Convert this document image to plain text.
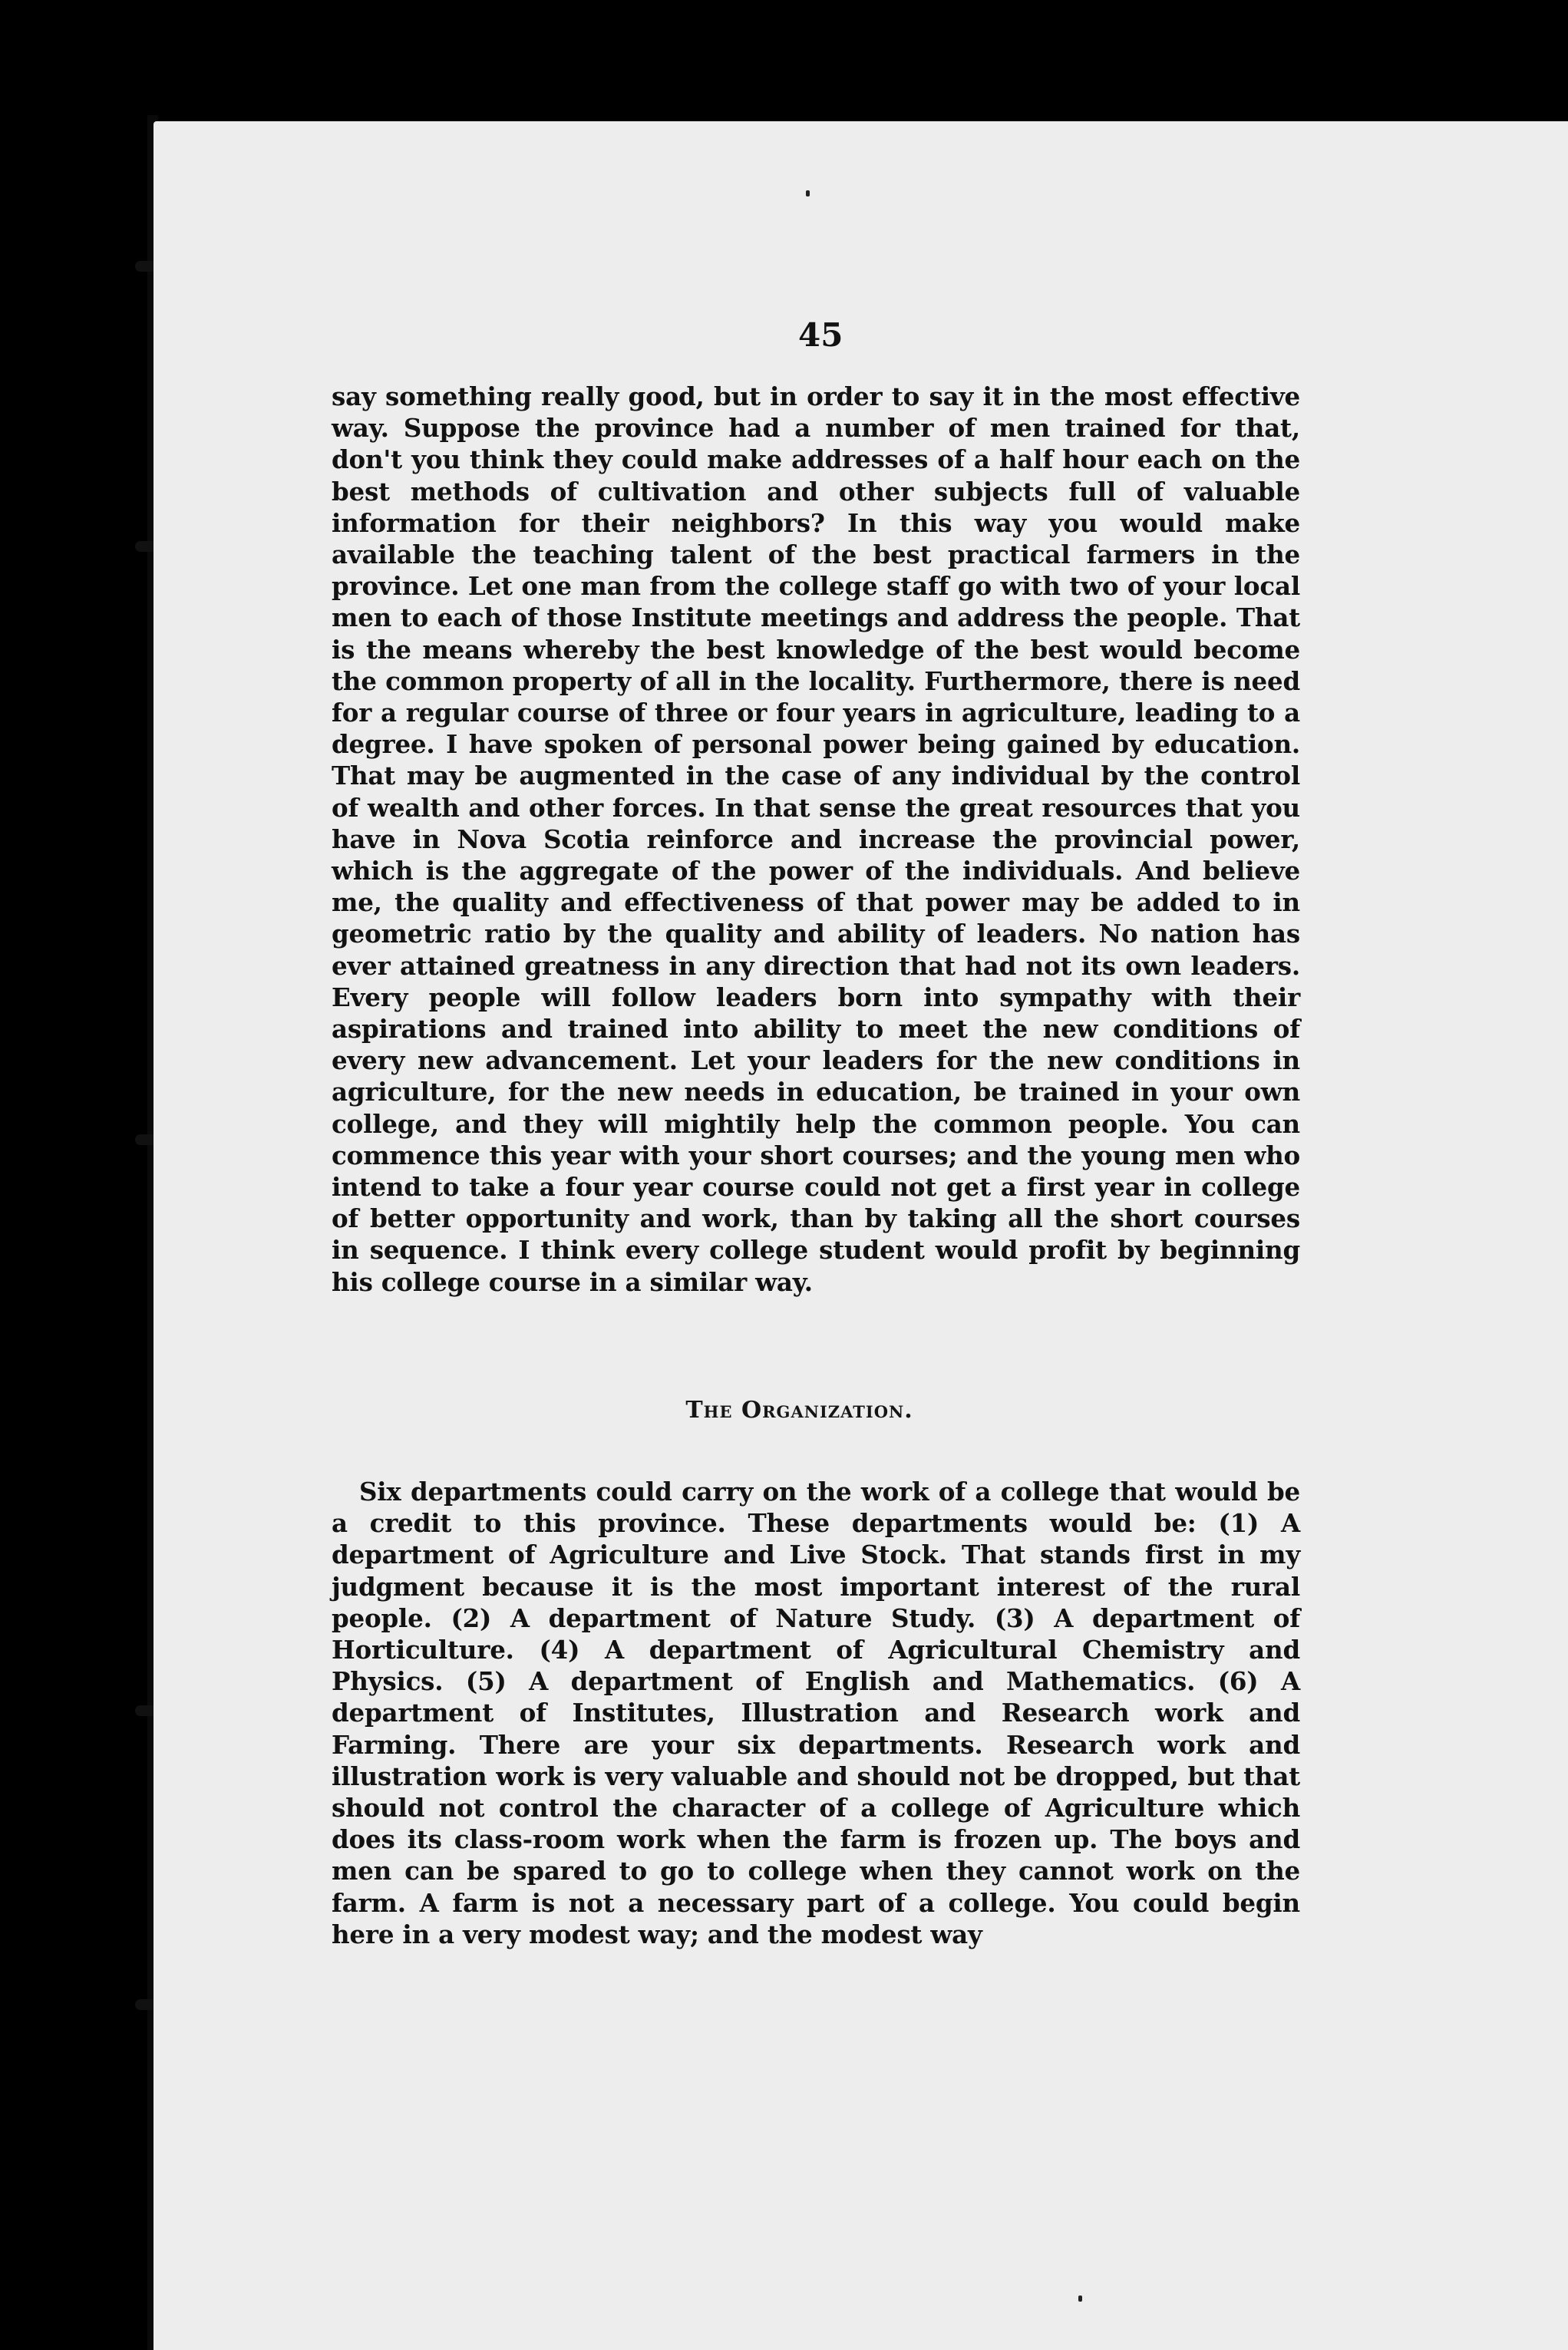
45

say something really good, but in order to say it in the most effective way. Suppose the province had a number of men trained for that, don't you think they could make addresses of a half hour each on the best methods of cultivation and other subjects full of valuable information for their neighbors? In this way you would make available the teaching talent of the best practical farmers in the province. Let one man from the college staff go with two of your local men to each of those Institute meetings and address the people. That is the means whereby the best knowledge of the best would become the common property of all in the locality. Furthermore, there is need for a regular course of three or four years in agriculture, leading to a degree. I have spoken of personal power being gained by education. That may be augmented in the case of any individual by the control of wealth and other forces. In that sense the great resources that you have in Nova Scotia reinforce and increase the provincial power, which is the aggregate of the power of the individuals. And believe me, the quality and effectiveness of that power may be added to in geometric ratio by the quality and ability of leaders. No nation has ever attained greatness in any direction that had not its own leaders. Every people will follow leaders born into sympathy with their aspirations and trained into ability to meet the new conditions of every new advancement. Let your leaders for the new conditions in agriculture, for the new needs in education, be trained in your own college, and they will mightily help the common people. You can commence this year with your short courses; and the young men who intend to take a four year course could not get a first year in college of better opportunity and work, than by taking all the short courses in sequence. I think every college student would profit by beginning his college course in a similar way.

The Organization.

Six departments could carry on the work of a college that would be a credit to this province. These departments would be: (1) A department of Agriculture and Live Stock. That stands first in my judgment because it is the most important interest of the rural people. (2) A department of Nature Study. (3) A department of Horticulture. (4) A department of Agricultural Chemistry and Physics. (5) A department of English and Mathematics. (6) A department of Institutes, Illustration and Research work and Farming. There are your six departments. Research work and illustration work is very valuable and should not be dropped, but that should not control the character of a college of Agriculture which does its class-room work when the farm is frozen up. The boys and men can be spared to go to college when they cannot work on the farm. A farm is not a necessary part of a college. You could begin here in a very modest way; and the modest way
